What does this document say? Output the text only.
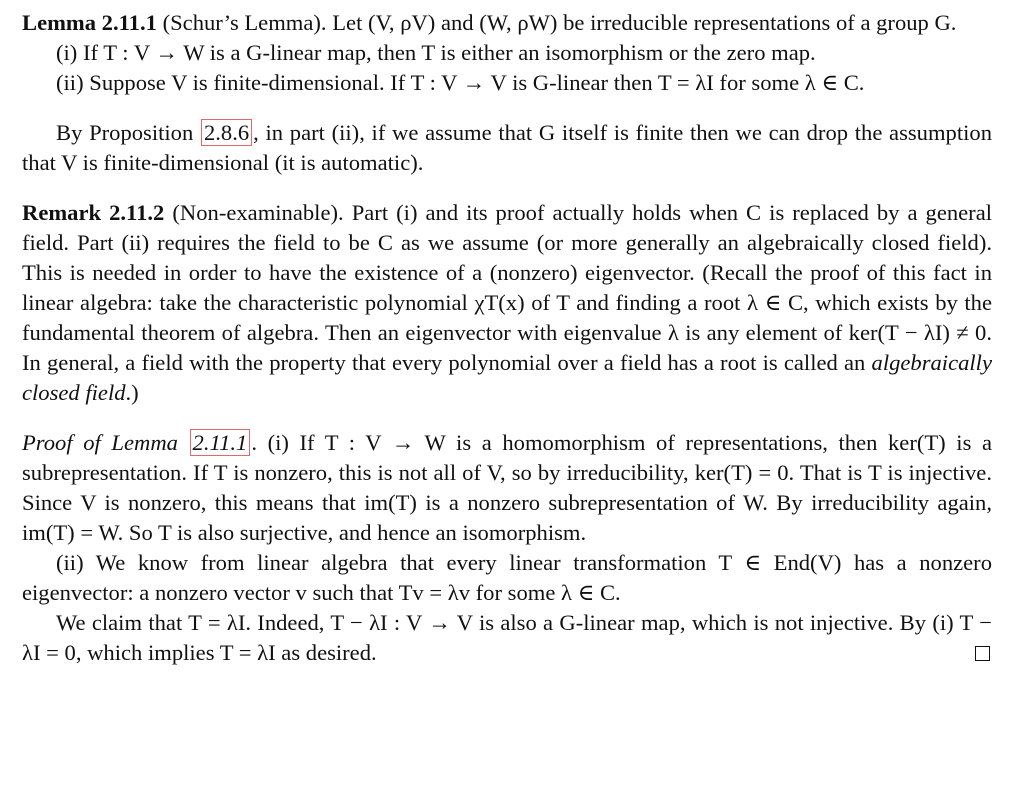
Lemma 2.11.1 (Schur’s Lemma). Let (V, ρV) and (W, ρW) be irreducible representations of a group G.

(i) If T : V → W is a G-linear map, then T is either an isomorphism or the zero map.

(ii) Suppose V is finite-dimensional. If T : V → V is G-linear then T = λI for some λ ∈ C.

By Proposition 2.8.6 , in part (ii), if we assume that G itself is finite then we can drop the assumption that V is finite-dimensional (it is automatic).

Remark 2.11.2 (Non-examinable). Part (i) and its proof actually holds when C is replaced by a general field. Part (ii) requires the field to be C as we assume (or more generally an algebraically closed field). This is needed in order to have the existence of a (nonzero) eigenvector. (Recall the proof of this fact in linear algebra: take the characteristic polynomial χT(x) of T and finding a root λ ∈ C, which exists by the fundamental theorem of algebra. Then an eigenvector with eigenvalue λ is any element of ker(T − λI) ≠ 0. In general, a field with the property that every polynomial over a field has a root is called an algebraically closed field.)

Proof of Lemma 2.11.1 . (i) If T : V → W is a homomorphism of representations, then ker(T) is a subrepresentation. If T is nonzero, this is not all of V, so by irreducibility, ker(T) = 0. That is T is injective. Since V is nonzero, this means that im(T) is a nonzero subrepresentation of W. By irreducibility again, im(T) = W. So T is also surjective, and hence an isomorphism.

(ii) We know from linear algebra that every linear transformation T ∈ End(V) has a nonzero eigenvector: a nonzero vector v such that Tv = λv for some λ ∈ C.

We claim that T = λI. Indeed, T − λI : V → V is also a G-linear map, which is not injective. By (i) T − λI = 0, which implies T = λI as desired.
